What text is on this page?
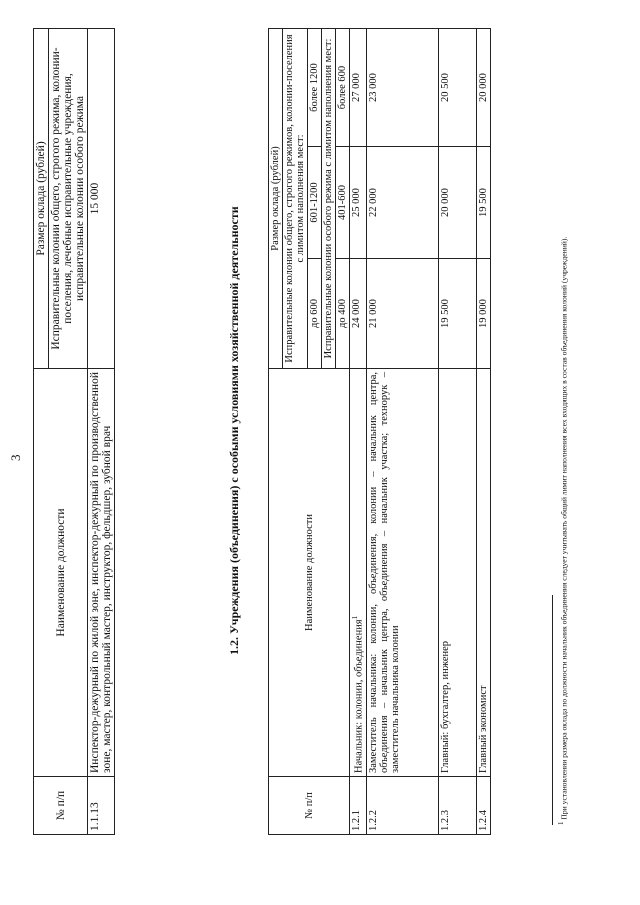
3
№ п/п	Наименование должности	Размер оклада (рублей)
		Исправительные колонии общего, строгого режима, колонии-поселения, лечебные исправительные учреждения, исправительные колонии особого режима
1.1.13	Инспектор-дежурный по жилой зоне, инспектор-дежурный по производственной зоне, мастер, контрольный мастер, инструктор, фельдшер, зубной врач	15 000
1.2. Учреждения (объединения) с особыми условиями хозяйственной деятельности
№ п/п	Наименование должности	Размер оклада (рублей)		
		Исправительные колонии общего, строгого режимов, колонии-поселения с лимитом наполнения мест:		
		до 600	601-1200	более 1200
		Исправительные колонии особого режима с лимитом наполнения мест:		
		до 400	401-600	более 600
1.2.1	Начальник: колонии, объединения$^1$	24 000	25 000	27 000
1.2.2	Заместитель начальника: колонии, объединения, колонии – начальник центра, объединения – начальник центра, объединения – начальник участка; технорук – заместитель начальника колонии	21 000	22 000	23 000
1.2.3	Главный: бухгалтер, инженер	19 500	20 000	20 500
1.2.4	Главный экономист	19 000	19 500	20 000
$^1$ При установлении размера оклада по должности начальник объединения следует учитывать общий лимит наполнения всех входящих в состав объединения колоний (учреждений).
